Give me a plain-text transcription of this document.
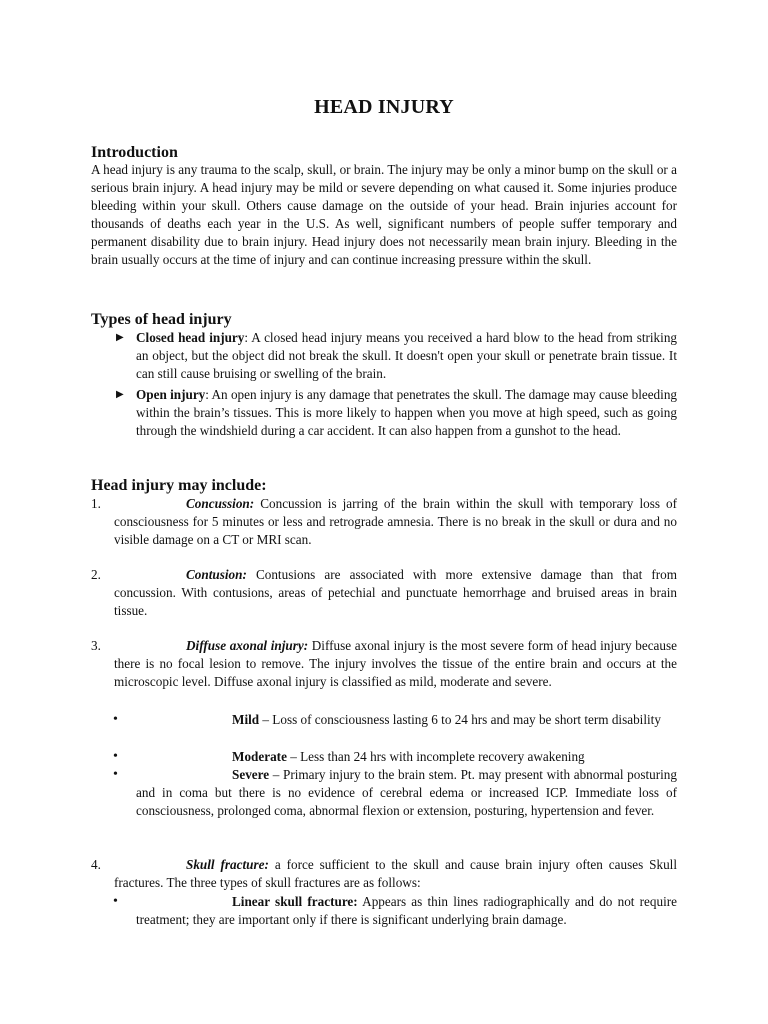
HEAD INJURY
Introduction

A head injury is any trauma to the scalp, skull, or brain. The injury may be only a minor bump on the skull or a serious brain injury. A head injury may be mild or severe depending on what caused it. Some injuries produce bleeding within your skull. Others cause damage on the outside of your head. Brain injuries account for thousands of deaths each year in the U.S. As well, significant numbers of people suffer temporary and permanent disability due to brain injury. Head injury does not necessarily mean brain injury. Bleeding in the brain usually occurs at the time of injury and can continue increasing pressure within the skull.

Types of head injury
▶ Closed head injury: A closed head injury means you received a hard blow to the head from striking an object, but the object did not break the skull. It doesn't open your skull or penetrate brain tissue. It can still cause bruising or swelling of the brain.
▶ Open injury: An open injury is any damage that penetrates the skull. The damage may cause bleeding within the brain’s tissues. This is more likely to happen when you move at high speed, such as going through the windshield during a car accident. It can also happen from a gunshot to the head.
Head injury may include:
1.	Concussion: Concussion is jarring of the brain within the skull with temporary loss of consciousness for 5 minutes or less and retrograde amnesia. There is no break in the skull or dura and no visible damage on a CT or MRI scan.
2.	Contusion: Contusions are associated with more extensive damage than that from concussion. With contusions, areas of petechial and punctuate hemorrhage and bruised areas in brain tissue.
3.	Diffuse axonal injury: Diffuse axonal injury is the most severe form of head injury because there is no focal lesion to remove. The injury involves the tissue of the entire brain and occurs at the microscopic level. Diffuse axonal injury is classified as mild, moderate and severe.
•	Mild – Loss of consciousness lasting 6 to 24 hrs and may be short term disability
•	Moderate – Less than 24 hrs with incomplete recovery awakening
•	Severe – Primary injury to the brain stem. Pt. may present with abnormal posturing and in coma but there is no evidence of cerebral edema or increased ICP. Immediate loss of consciousness, prolonged coma, abnormal flexion or extension, posturing, hypertension and fever.
4.	Skull fracture: a force sufficient to the skull and cause brain injury often causes Skull fractures. The three types of skull fractures are as follows:
•	Linear skull fracture: Appears as thin lines radiographically and do not require treatment; they are important only if there is significant underlying brain damage.
